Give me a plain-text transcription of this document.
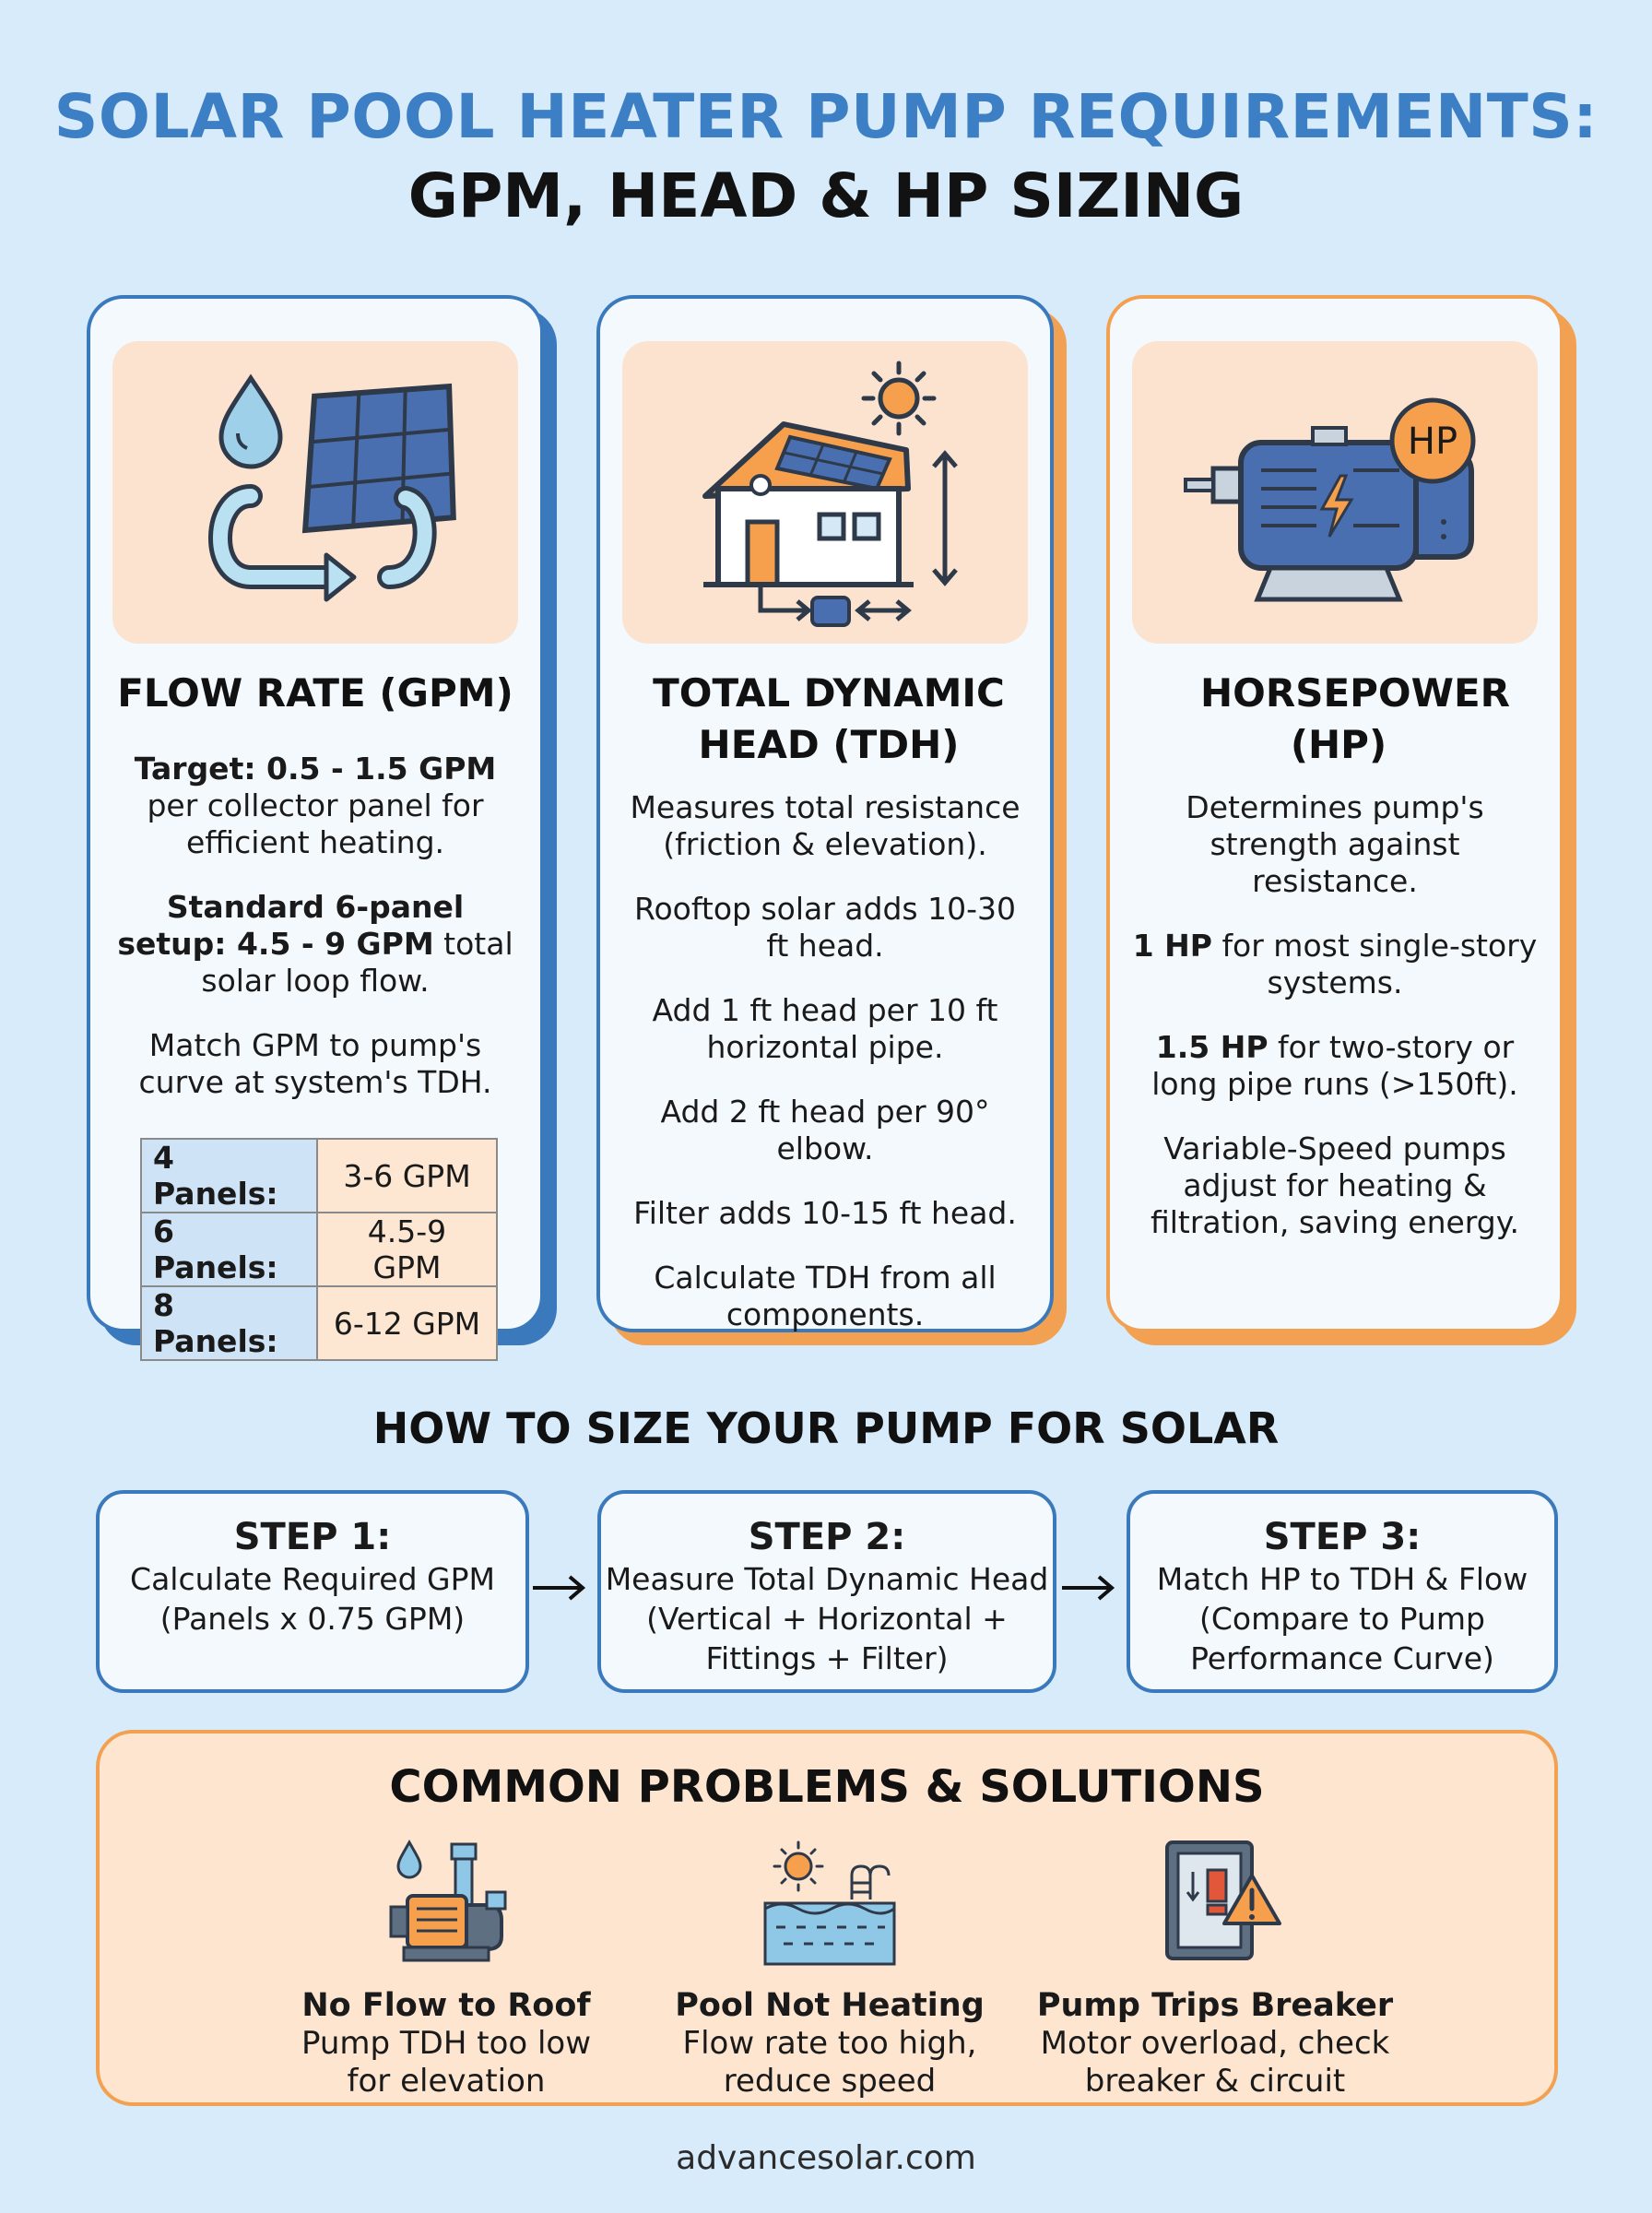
SOLAR POOL HEATER PUMP REQUIREMENTS:
GPM, HEAD & HP SIZING
FLOW RATE (GPM)

Target: 0.5 - 1.5 GPM per collector panel for efficient heating.

Standard 6-panel setup: 4.5 - 9 GPM total solar loop flow.

Match GPM to pump's curve at system's TDH.

4 Panels:	3-6 GPM
6 Panels:	4.5-9 GPM
8 Panels:	6-12 GPM
TOTAL DYNAMIC HEAD (TDH)

Measures total resistance (friction & elevation).

Rooftop solar adds 10-30 ft head.

Add 1 ft head per 10 ft horizontal pipe.

Add 2 ft head per 90° elbow.

Filter adds 10-15 ft head.

Calculate TDH from all components.

HP
HORSEPOWER (HP)

Determines pump's strength against resistance.

1 HP for most single-story systems.

1.5 HP for two-story or long pipe runs (>150ft).

Variable-Speed pumps adjust for heating & filtration, saving energy.

HOW TO SIZE YOUR PUMP FOR SOLAR
STEP 1:
Calculate Required GPM
(Panels x 0.75 GPM)
STEP 2:
Measure Total Dynamic Head
(Vertical + Horizontal +
Fittings + Filter)
STEP 3:
Match HP to TDH & Flow
(Compare to Pump
Performance Curve)
COMMON PROBLEMS & SOLUTIONS
No Flow to Roof
Pump TDH too low
for elevation
Pool Not Heating
Flow rate too high,
reduce speed
Pump Trips Breaker
Motor overload, check
breaker & circuit
advancesolar.com
